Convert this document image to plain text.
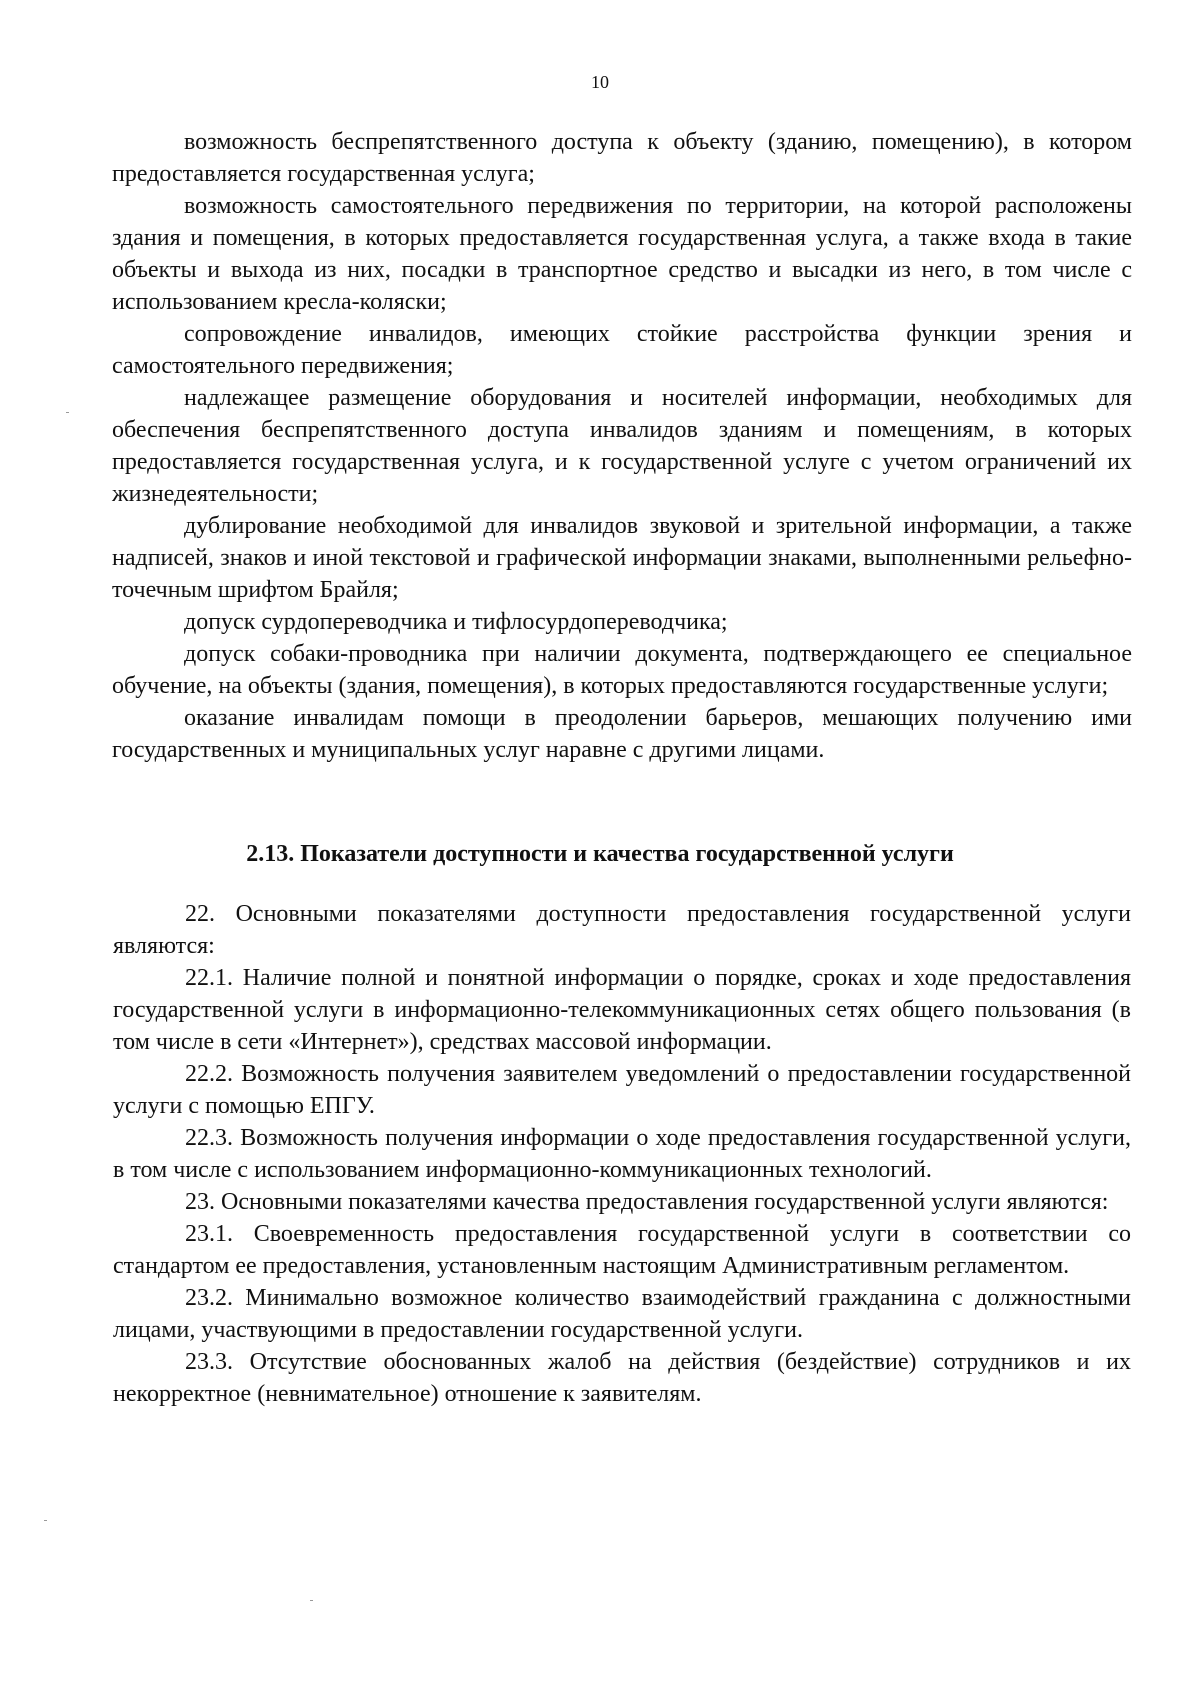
10

возможность беспрепятственного доступа к объекту (зданию, помещению), в котором предоставляется государственная услуга;

возможность самостоятельного передвижения по территории, на которой расположены здания и помещения, в которых предоставляется государственная услуга, а также входа в такие объекты и выхода из них, посадки в транспортное средство и высадки из него, в том числе с использованием кресла-коляски;

сопровождение инвалидов, имеющих стойкие расстройства функции зрения и самостоятельного передвижения;

надлежащее размещение оборудования и носителей информации, необходимых для обеспечения беспрепятственного доступа инвалидов зданиям и помещениям, в которых предоставляется государственная услуга, и к государственной услуге с учетом ограничений их жизнедеятельности;

дублирование необходимой для инвалидов звуковой и зрительной информации, а также надписей, знаков и иной текстовой и графической информации знаками, выполненными рельефно-точечным шрифтом Брайля;

допуск сурдопереводчика и тифлосурдопереводчика;

допуск собаки-проводника при наличии документа, подтверждающего ее специальное обучение, на объекты (здания, помещения), в которых предоставляются государственные услуги;

оказание инвалидам помощи в преодолении барьеров, мешающих получению ими государственных и муниципальных услуг наравне с другими лицами.

2.13. Показатели доступности и качества государственной услуги

22. Основными показателями доступности предоставления государственной услуги являются:

22.1. Наличие полной и понятной информации о порядке, сроках и ходе предоставления государственной услуги в информационно-телекоммуникационных сетях общего пользования (в том числе в сети «Интернет»), средствах массовой информации.

22.2. Возможность получения заявителем уведомлений о предоставлении государственной услуги с помощью ЕПГУ.

22.3. Возможность получения информации о ходе предоставления государственной услуги, в том числе с использованием информационно-коммуникационных технологий.

23. Основными показателями качества предоставления государственной услуги являются:

23.1. Своевременность предоставления государственной услуги в соответствии со стандартом ее предоставления, установленным настоящим Административным регламентом.

23.2. Минимально возможное количество взаимодействий гражданина с должностными лицами, участвующими в предоставлении государственной услуги.

23.3. Отсутствие обоснованных жалоб на действия (бездействие) сотрудников и их некорректное (невнимательное) отношение к заявителям.
